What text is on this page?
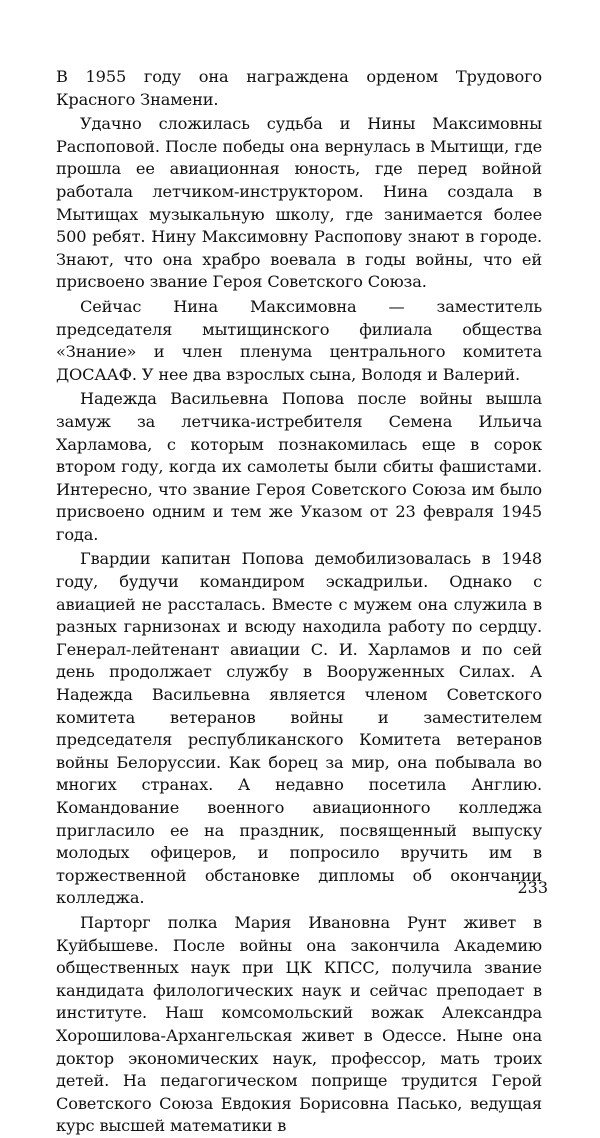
В 1955 году она награждена орденом Трудового Красного Знамени.

Удачно сложилась судьба и Нины Максимовны Распоповой. После победы она вернулась в Мытищи, где прошла ее авиационная юность, где перед войной работала летчиком-инструктором. Нина создала в Мытищах музыкальную школу, где занимается более 500 ребят. Нину Максимовну Распопову знают в городе. Знают, что она храбро воевала в годы войны, что ей присвоено звание Героя Советского Союза.

Сейчас Нина Максимовна — заместитель председателя мытищинского филиала общества «Знание» и член пленума центрального комитета ДОСААФ. У нее два взрослых сына, Володя и Валерий.

Надежда Васильевна Попова после войны вышла замуж за летчика-истребителя Семена Ильича Харламова, с которым познакомилась еще в сорок втором году, когда их самолеты были сбиты фашистами. Интересно, что звание Героя Советского Союза им было присвоено одним и тем же Указом от 23 февраля 1945 года.

Гвардии капитан Попова демобилизовалась в 1948 году, будучи командиром эскадрильи. Однако с авиацией не рассталась. Вместе с мужем она служила в разных гарнизонах и всюду находила работу по сердцу. Генерал-лейтенант авиации С. И. Харламов и по сей день продолжает службу в Вооруженных Силах. А Надежда Васильевна является членом Советского комитета ветеранов войны и заместителем председателя республиканского Комитета ветеранов войны Белоруссии. Как борец за мир, она побывала во многих странах. А недавно посетила Англию. Командование военного авиационного колледжа пригласило ее на праздник, посвященный выпуску молодых офицеров, и попросило вручить им в торжественной обстановке дипломы об окончании колледжа.

Парторг полка Мария Ивановна Рунт живет в Куйбышеве. После войны она закончила Академию общественных наук при ЦК КПСС, получила звание кандидата филологических наук и сейчас преподает в институте. Наш комсомольский вожак Александра Хорошилова-Архангельская живет в Одессе. Ныне она доктор экономических наук, профессор, мать троих детей. На педагогическом поприще трудится Герой Советского Союза Евдокия Борисовна Пасько, ведущая курс высшей математики в

233
